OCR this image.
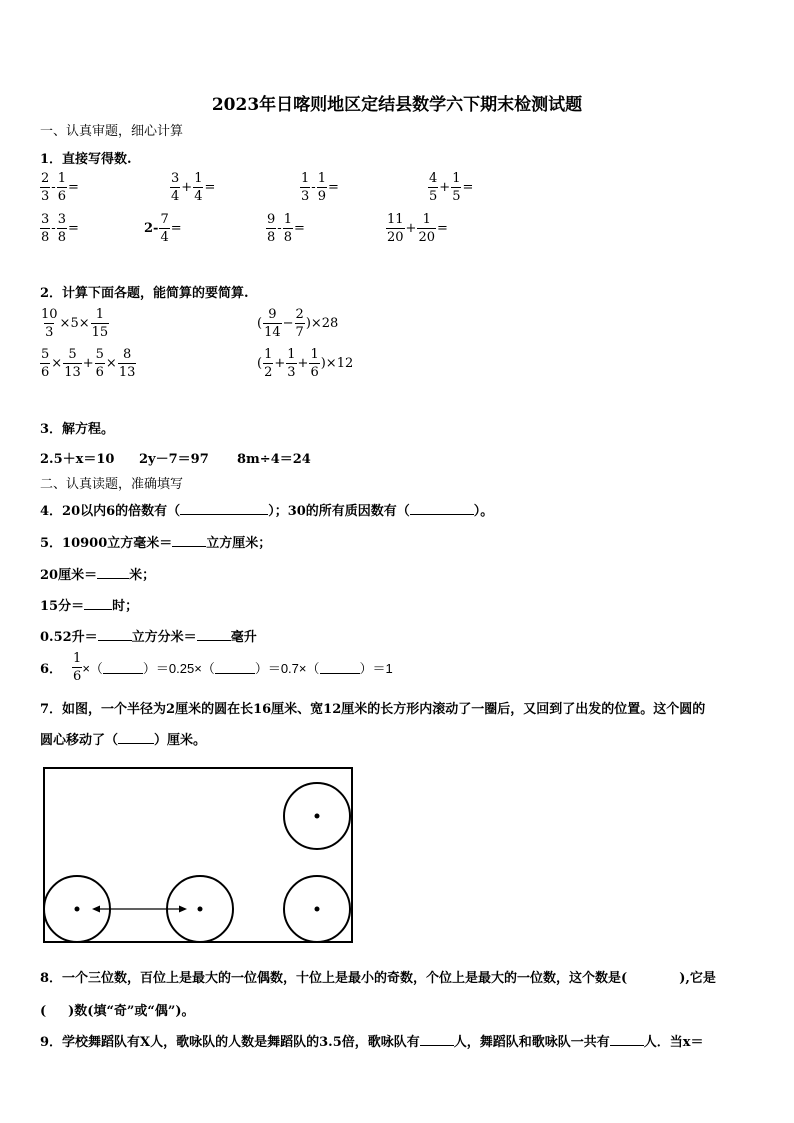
2023年日喀则地区定结县数学六下期末检测试题
一、认真审题，细心计算
1．直接写得数.
$\frac{2}{3} - \frac{1}{6}$ =	$\frac{3}{4} + \frac{1}{4}$ =	$\frac{1}{3} - \frac{1}{9}$ =	$\frac{4}{5} + \frac{1}{5}$ =
$\frac{3}{8} - \frac{3}{8}$ =	$2- \frac{7}{4}$ =	$\frac{9}{8} - \frac{1}{8}$ =	$\frac{11}{20} + \frac{1}{20}$ =
2．计算下面各题，能简算的要简算.
$\frac{10}{3} \times 5\times \frac{1}{15}$	( $\frac{9}{14} - \frac{2}{7} )\times 28$
$\frac{5}{6} \times \frac{5}{13} + \frac{5}{6} \times \frac{8}{13}$	( $\frac{1}{2} + \frac{1}{3} + \frac{1}{6} )\times 12$
3．解方程。
2.5＋x＝10 2y－7＝97 8m÷4＝24
二、认真读题，准确填写
4．20以内6的倍数有（	）；30的所有质因数有（	）。
5．10900立方毫米＝	立方厘米；
20厘米＝ 米；
15分＝ 时；
0.52升＝	立方分米＝	毫升
6． $\frac{1}{6}$ ×（	）＝0.25×（	）＝0.7×（	）＝1
7．如图，一个半径为2厘米的圆在长16厘米、宽12厘米的长方形内滚动了一圈后，又回到了出发的位置。这个圆的
圆心移动了（	）厘米。
8．一个三位数，百位上是最大的一位偶数，十位上是最小的奇数，个位上是最大的一位数，这个数是(	),它是
( )数(填“奇”或“偶”)。
9．学校舞蹈队有X人，歌咏队的人数是舞蹈队的3.5倍，歌咏队有	人，舞蹈队和歌咏队一共有	人．当x＝
